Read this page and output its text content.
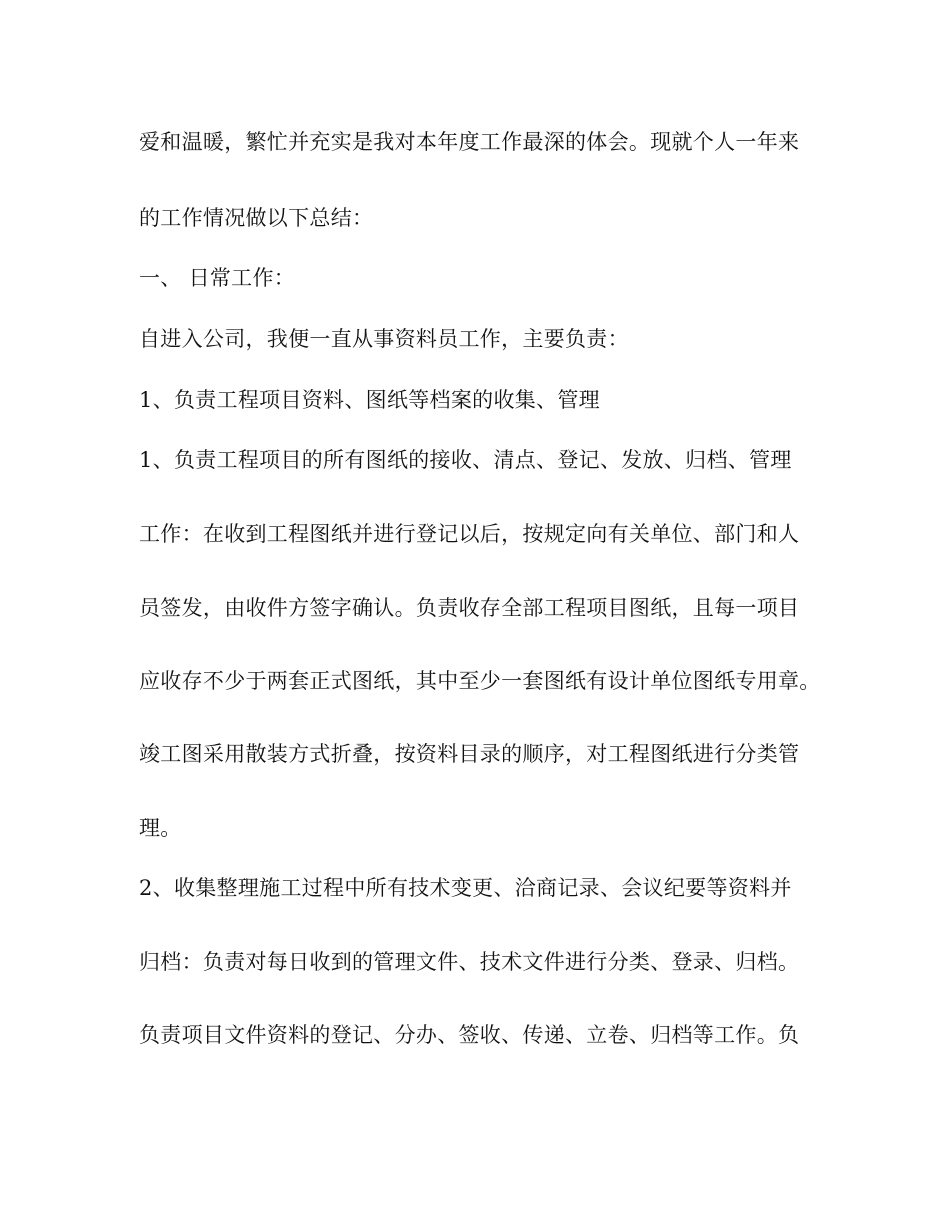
爱和温暖，繁忙并充实是我对本年度工作最深的体会。现就个人一年来
的工作情况做以下总结：
一、 日常工作：
自进入公司，我便一直从事资料员工作，主要负责：
1、负责工程项目资料、图纸等档案的收集、管理
1、负责工程项目的所有图纸的接收、清点、登记、发放、归档、管理
工作：在收到工程图纸并进行登记以后，按规定向有关单位、部门和人
员签发，由收件方签字确认。负责收存全部工程项目图纸，且每一项目
应收存不少于两套正式图纸，其中至少一套图纸有设计单位图纸专用章。
竣工图采用散装方式折叠，按资料目录的顺序，对工程图纸进行分类管
理。
2、收集整理施工过程中所有技术变更、洽商记录、会议纪要等资料并
归档：负责对每日收到的管理文件、技术文件进行分类、登录、归档。
负责项目文件资料的登记、分办、签收、传递、立卷、归档等工作。负
